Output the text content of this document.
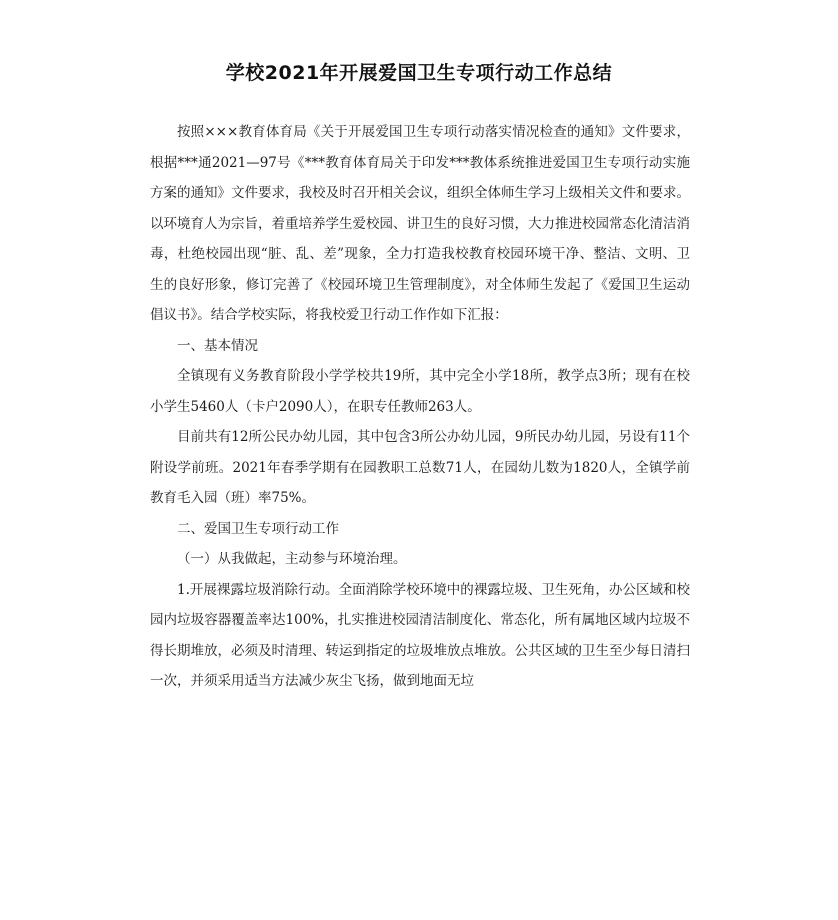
学校2021年开展爱国卫生专项行动工作总结

按照×××教育体育局《关于开展爱国卫生专项行动落实情况检查的通知》文件要求，根据***通2021—97号《***教育体育局关于印发***教体系统推进爱国卫生专项行动实施方案的通知》文件要求，我校及时召开相关会议，组织全体师生学习上级相关文件和要求。以环境育人为宗旨，着重培养学生爱校园、讲卫生的良好习惯，大力推进校园常态化清洁消毒，杜绝校园出现“脏、乱、差”现象，全力打造我校教育校园环境干净、整洁、文明、卫生的良好形象，修订完善了《校园环境卫生管理制度》，对全体师生发起了《爱国卫生运动倡议书》。结合学校实际，将我校爱卫行动工作作如下汇报：

一、基本情况

全镇现有义务教育阶段小学学校共19所，其中完全小学18所，教学点3所；现有在校小学生5460人（卡户2090人），在职专任教师263人。

目前共有12所公民办幼儿园，其中包含3所公办幼儿园，9所民办幼儿园，另设有11个附设学前班。2021年春季学期有在园教职工总数71人，在园幼儿数为1820人，全镇学前教育毛入园（班）率75%。

二、爱国卫生专项行动工作

（一）从我做起，主动参与环境治理。

1.开展裸露垃圾消除行动。全面消除学校环境中的裸露垃圾、卫生死角，办公区域和校园内垃圾容器覆盖率达100%，扎实推进校园清洁制度化、常态化，所有属地区域内垃圾不得长期堆放，必须及时清理、转运到指定的垃圾堆放点堆放。公共区域的卫生至少每日清扫一次，并须采用适当方法减少灰尘飞扬，做到地面无垃
